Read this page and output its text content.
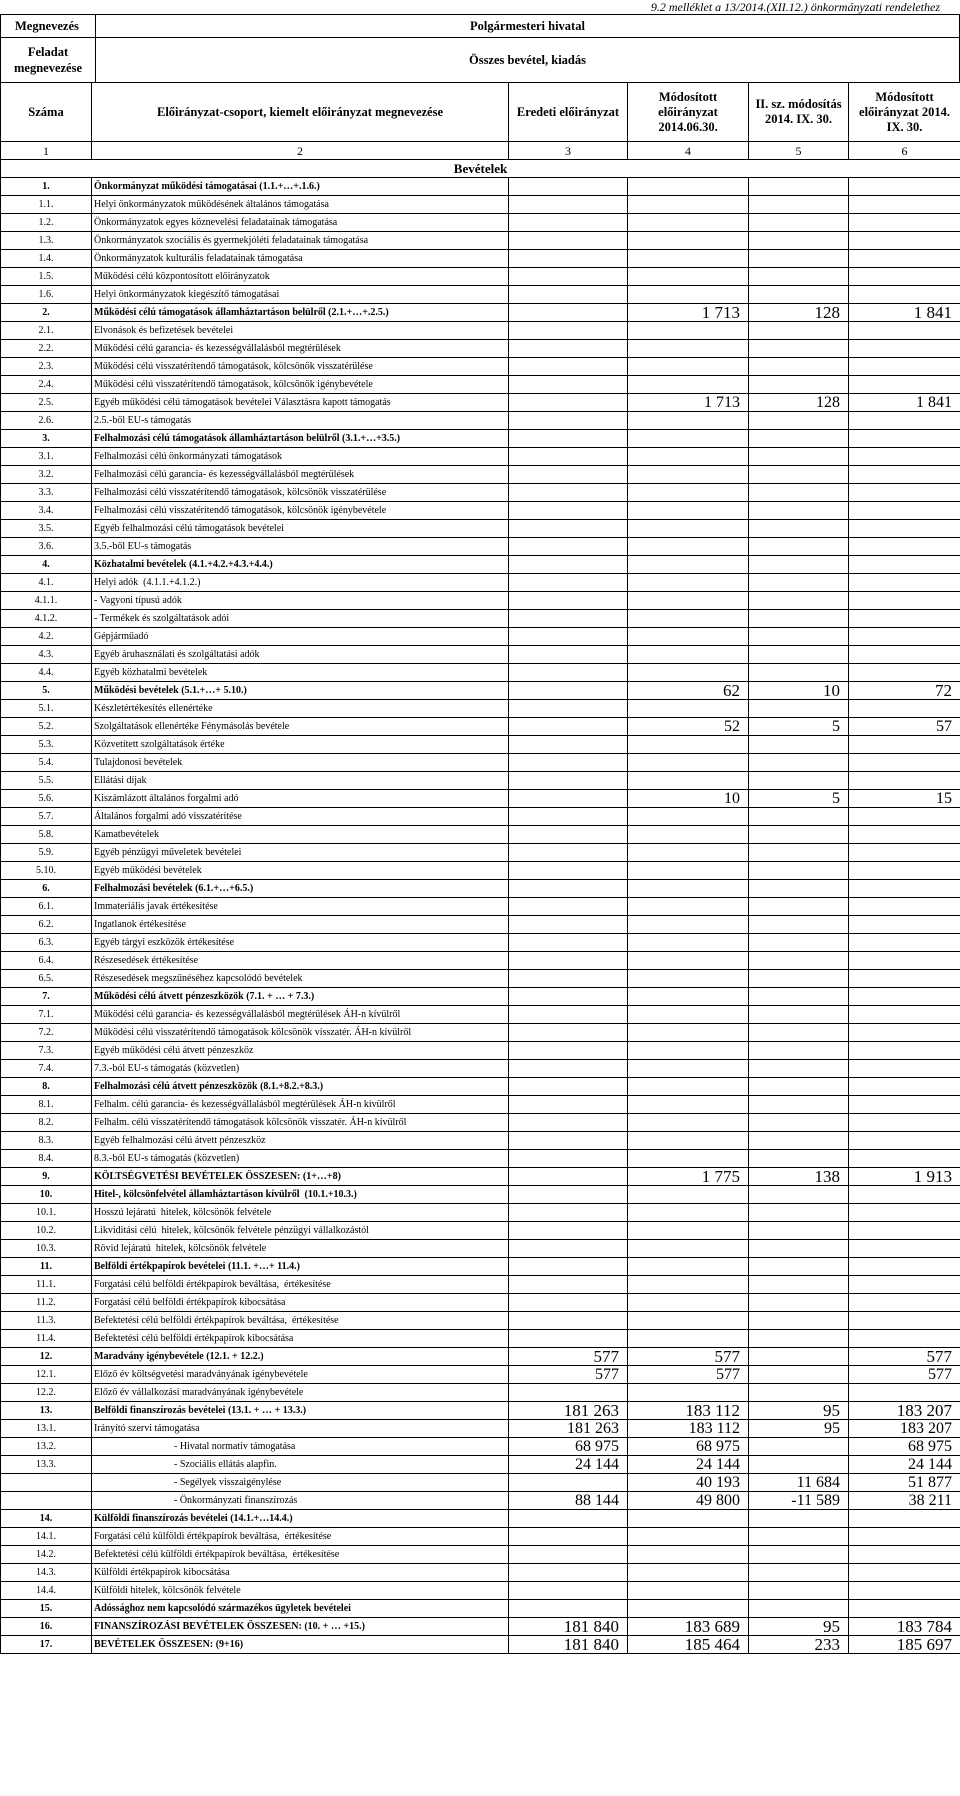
9.2 melléklet a 13/2014.(XII.12.) önkormányzati rendelethez
Megnevezés	Polgármesteri hivatal
Feladat megnevezése	Összes bevétel, kiadás
Száma	Előirányzat-csoport, kiemelt előirányzat megnevezése	Eredeti előirányzat	Módosított előirányzat 2014.06.30.	II. sz. módosítás 2014. IX. 30.	Módosított előirányzat 2014. IX. 30.
1	2	3	4	5	6
Bevételek					
1.	Önkormányzat működési támogatásai (1.1.+…+.1.6.)				
1.1.	Helyi önkormányzatok működésének általános támogatása				
1.2.	Önkormányzatok egyes köznevelési feladatainak támogatása				
1.3.	Önkormányzatok szociális és gyermekjóléti feladatainak támogatása				
1.4.	Önkormányzatok kulturális feladatainak támogatása				
1.5.	Működési célú központosított előirányzatok				
1.6.	Helyi önkormányzatok kiegészítő támogatásai				
2.	Működési célú támogatások államháztartáson belülről (2.1.+…+.2.5.)		1 713	128	1 841
2.1.	Elvonások és befizetések bevételei				
2.2.	Működési célú garancia- és kezességvállalásból megtérülések				
2.3.	Működési célú visszatérítendő támogatások, kölcsönök visszatérülése				
2.4.	Működési célú visszatérítendő támogatások, kölcsönök igénybevétele				
2.5.	Egyéb működési célú támogatások bevételei Választásra kapott támogatás		1 713	128	1 841
2.6.	2.5.-ből EU-s támogatás				
3.	Felhalmozási célú támogatások államháztartáson belülről (3.1.+…+3.5.)				
3.1.	Felhalmozási célú önkormányzati támogatások				
3.2.	Felhalmozási célú garancia- és kezességvállalásból megtérülések				
3.3.	Felhalmozási célú visszatérítendő támogatások, kölcsönök visszatérülése				
3.4.	Felhalmozási célú visszatérítendő támogatások, kölcsönök igénybevétele				
3.5.	Egyéb felhalmozási célú támogatások bevételei				
3.6.	3.5.-ből EU-s támogatás				
4.	Közhatalmi bevételek (4.1.+4.2.+4.3.+4.4.)				
4.1.	Helyi adók  (4.1.1.+4.1.2.)				
4.1.1.	- Vagyoni típusú adók				
4.1.2.	- Termékek és szolgáltatások adói				
4.2.	Gépjárműadó				
4.3.	Egyéb áruhasználati és szolgáltatási adók				
4.4.	Egyéb közhatalmi bevételek				
5.	Működési bevételek (5.1.+…+ 5.10.)		62	10	72
5.1.	Készletértékesítés ellenértéke				
5.2.	Szolgáltatások ellenértéke Fénymásolás bevétele		52	5	57
5.3.	Közvetített szolgáltatások értéke				
5.4.	Tulajdonosi bevételek				
5.5.	Ellátási díjak				
5.6.	Kiszámlázott általános forgalmi adó		10	5	15
5.7.	Általános forgalmi adó visszatérítése				
5.8.	Kamatbevételek				
5.9.	Egyéb pénzügyi műveletek bevételei				
5.10.	Egyéb működési bevételek				
6.	Felhalmozási bevételek (6.1.+…+6.5.)				
6.1.	Immateriális javak értékesítése				
6.2.	Ingatlanok értékesítése				
6.3.	Egyéb tárgyi eszközök értékesítése				
6.4.	Részesedések értékesítése				
6.5.	Részesedések megszűnéséhez kapcsolódó bevételek				
7.	Működési célú átvett pénzeszközök (7.1. + … + 7.3.)				
7.1.	Működési célú garancia- és kezességvállalásból megtérülések ÁH-n kívülről				
7.2.	Működési célú visszatérítendő támogatások kölcsönök visszatér. ÁH-n kívülről				
7.3.	Egyéb működési célú átvett pénzeszköz				
7.4.	7.3.-ból EU-s támogatás (közvetlen)				
8.	Felhalmozási célú átvett pénzeszközök (8.1.+8.2.+8.3.)				
8.1.	Felhalm. célú garancia- és kezességvállalásból megtérülések ÁH-n kívülről				
8.2.	Felhalm. célú visszatérítendő támogatások kölcsönök visszatér. ÁH-n kívülről				
8.3.	Egyéb felhalmozási célú átvett pénzeszköz				
8.4.	8.3.-ból EU-s támogatás (közvetlen)				
9.	KÖLTSÉGVETÉSI BEVÉTELEK ÖSSZESEN: (1+…+8)		1 775	138	1 913
10.	Hitel-, kölcsönfelvétel államháztartáson kívülről  (10.1.+10.3.)				
10.1.	Hosszú lejáratú  hitelek, kölcsönök felvétele				
10.2.	Likviditási célú  hitelek, kölcsönök felvétele pénzügyi vállalkozástól				
10.3.	Rövid lejáratú  hitelek, kölcsönök felvétele				
11.	Belföldi értékpapírok bevételei (11.1. +…+ 11.4.)				
11.1.	Forgatási célú belföldi értékpapírok beváltása,  értékesítése				
11.2.	Forgatási célú belföldi értékpapírok kibocsátása				
11.3.	Befektetési célú belföldi értékpapírok beváltása,  értékesítése				
11.4.	Befektetési célú belföldi értékpapírok kibocsátása				
12.	Maradvány igénybevétele (12.1. + 12.2.)	577	577		577
12.1.	Előző év költségvetési maradványának igénybevétele	577	577		577
12.2.	Előző év vállalkozási maradványának igénybevétele				
13.	Belföldi finanszírozás bevételei (13.1. + … + 13.3.)	181 263	183 112	95	183 207
13.1.	Irányító szervi támogatása	181 263	183 112	95	183 207
13.2.	- Hivatal normatív támogatása	68 975	68 975		68 975
13.3.	- Szociális ellátás alapfin.	24 144	24 144		24 144
	- Segélyek visszaigénylése		40 193	11 684	51 877
	- Önkormányzati finanszírozás	88 144	49 800	-11 589	38 211
14.	Külföldi finanszírozás bevételei (14.1.+…14.4.)				
14.1.	Forgatási célú külföldi értékpapírok beváltása,  értékesítése				
14.2.	Befektetési célú külföldi értékpapírok beváltása,  értékesítése				
14.3.	Külföldi értékpapírok kibocsátása				
14.4.	Külföldi hitelek, kölcsönök felvétele				
15.	Adóssághoz nem kapcsolódó származékos ügyletek bevételei				
16.	FINANSZÍROZÁSI BEVÉTELEK ÖSSZESEN: (10. + … +15.)	181 840	183 689	95	183 784
17.	BEVÉTELEK ÖSSZESEN: (9+16)	181 840	185 464	233	185 697
